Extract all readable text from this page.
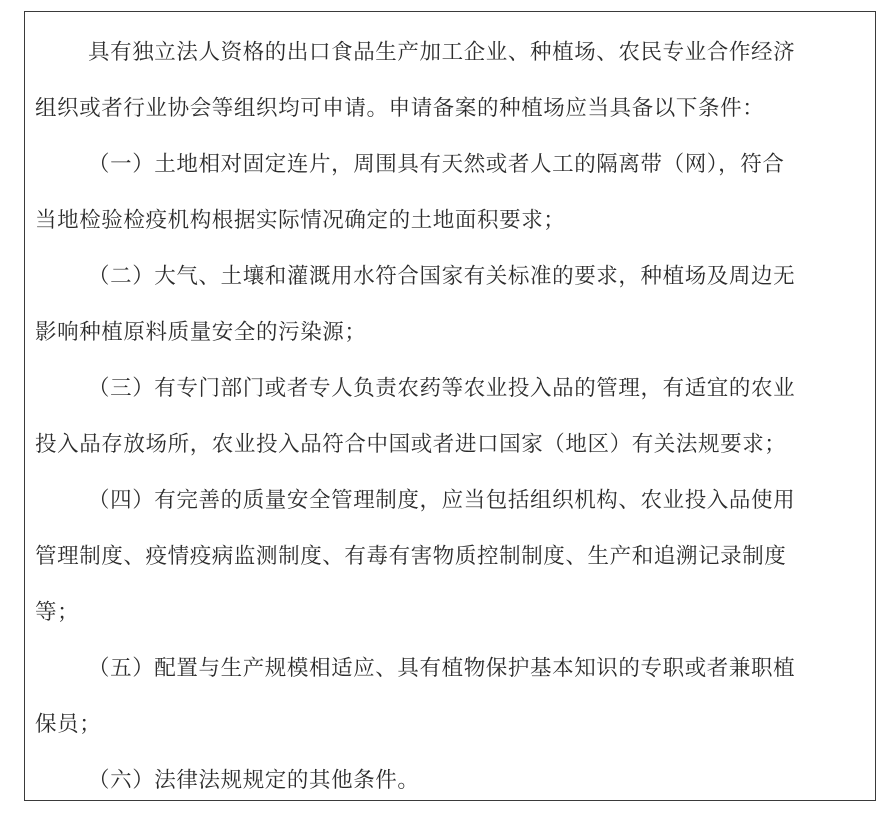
具有独立法人资格的出口食品生产加工企业、种植场、农民专业合作经济
组织或者行业协会等组织均可申请。申请备案的种植场应当具备以下条件：
（一）土地相对固定连片，周围具有天然或者人工的隔离带（网），符合
当地检验检疫机构根据实际情况确定的土地面积要求；
（二）大气、土壤和灌溉用水符合国家有关标准的要求，种植场及周边无
影响种植原料质量安全的污染源；
（三）有专门部门或者专人负责农药等农业投入品的管理，有适宜的农业
投入品存放场所，农业投入品符合中国或者进口国家（地区）有关法规要求；
（四）有完善的质量安全管理制度，应当包括组织机构、农业投入品使用
管理制度、疫情疫病监测制度、有毒有害物质控制制度、生产和追溯记录制度
等；
（五）配置与生产规模相适应、具有植物保护基本知识的专职或者兼职植
保员；
（六）法律法规规定的其他条件。
